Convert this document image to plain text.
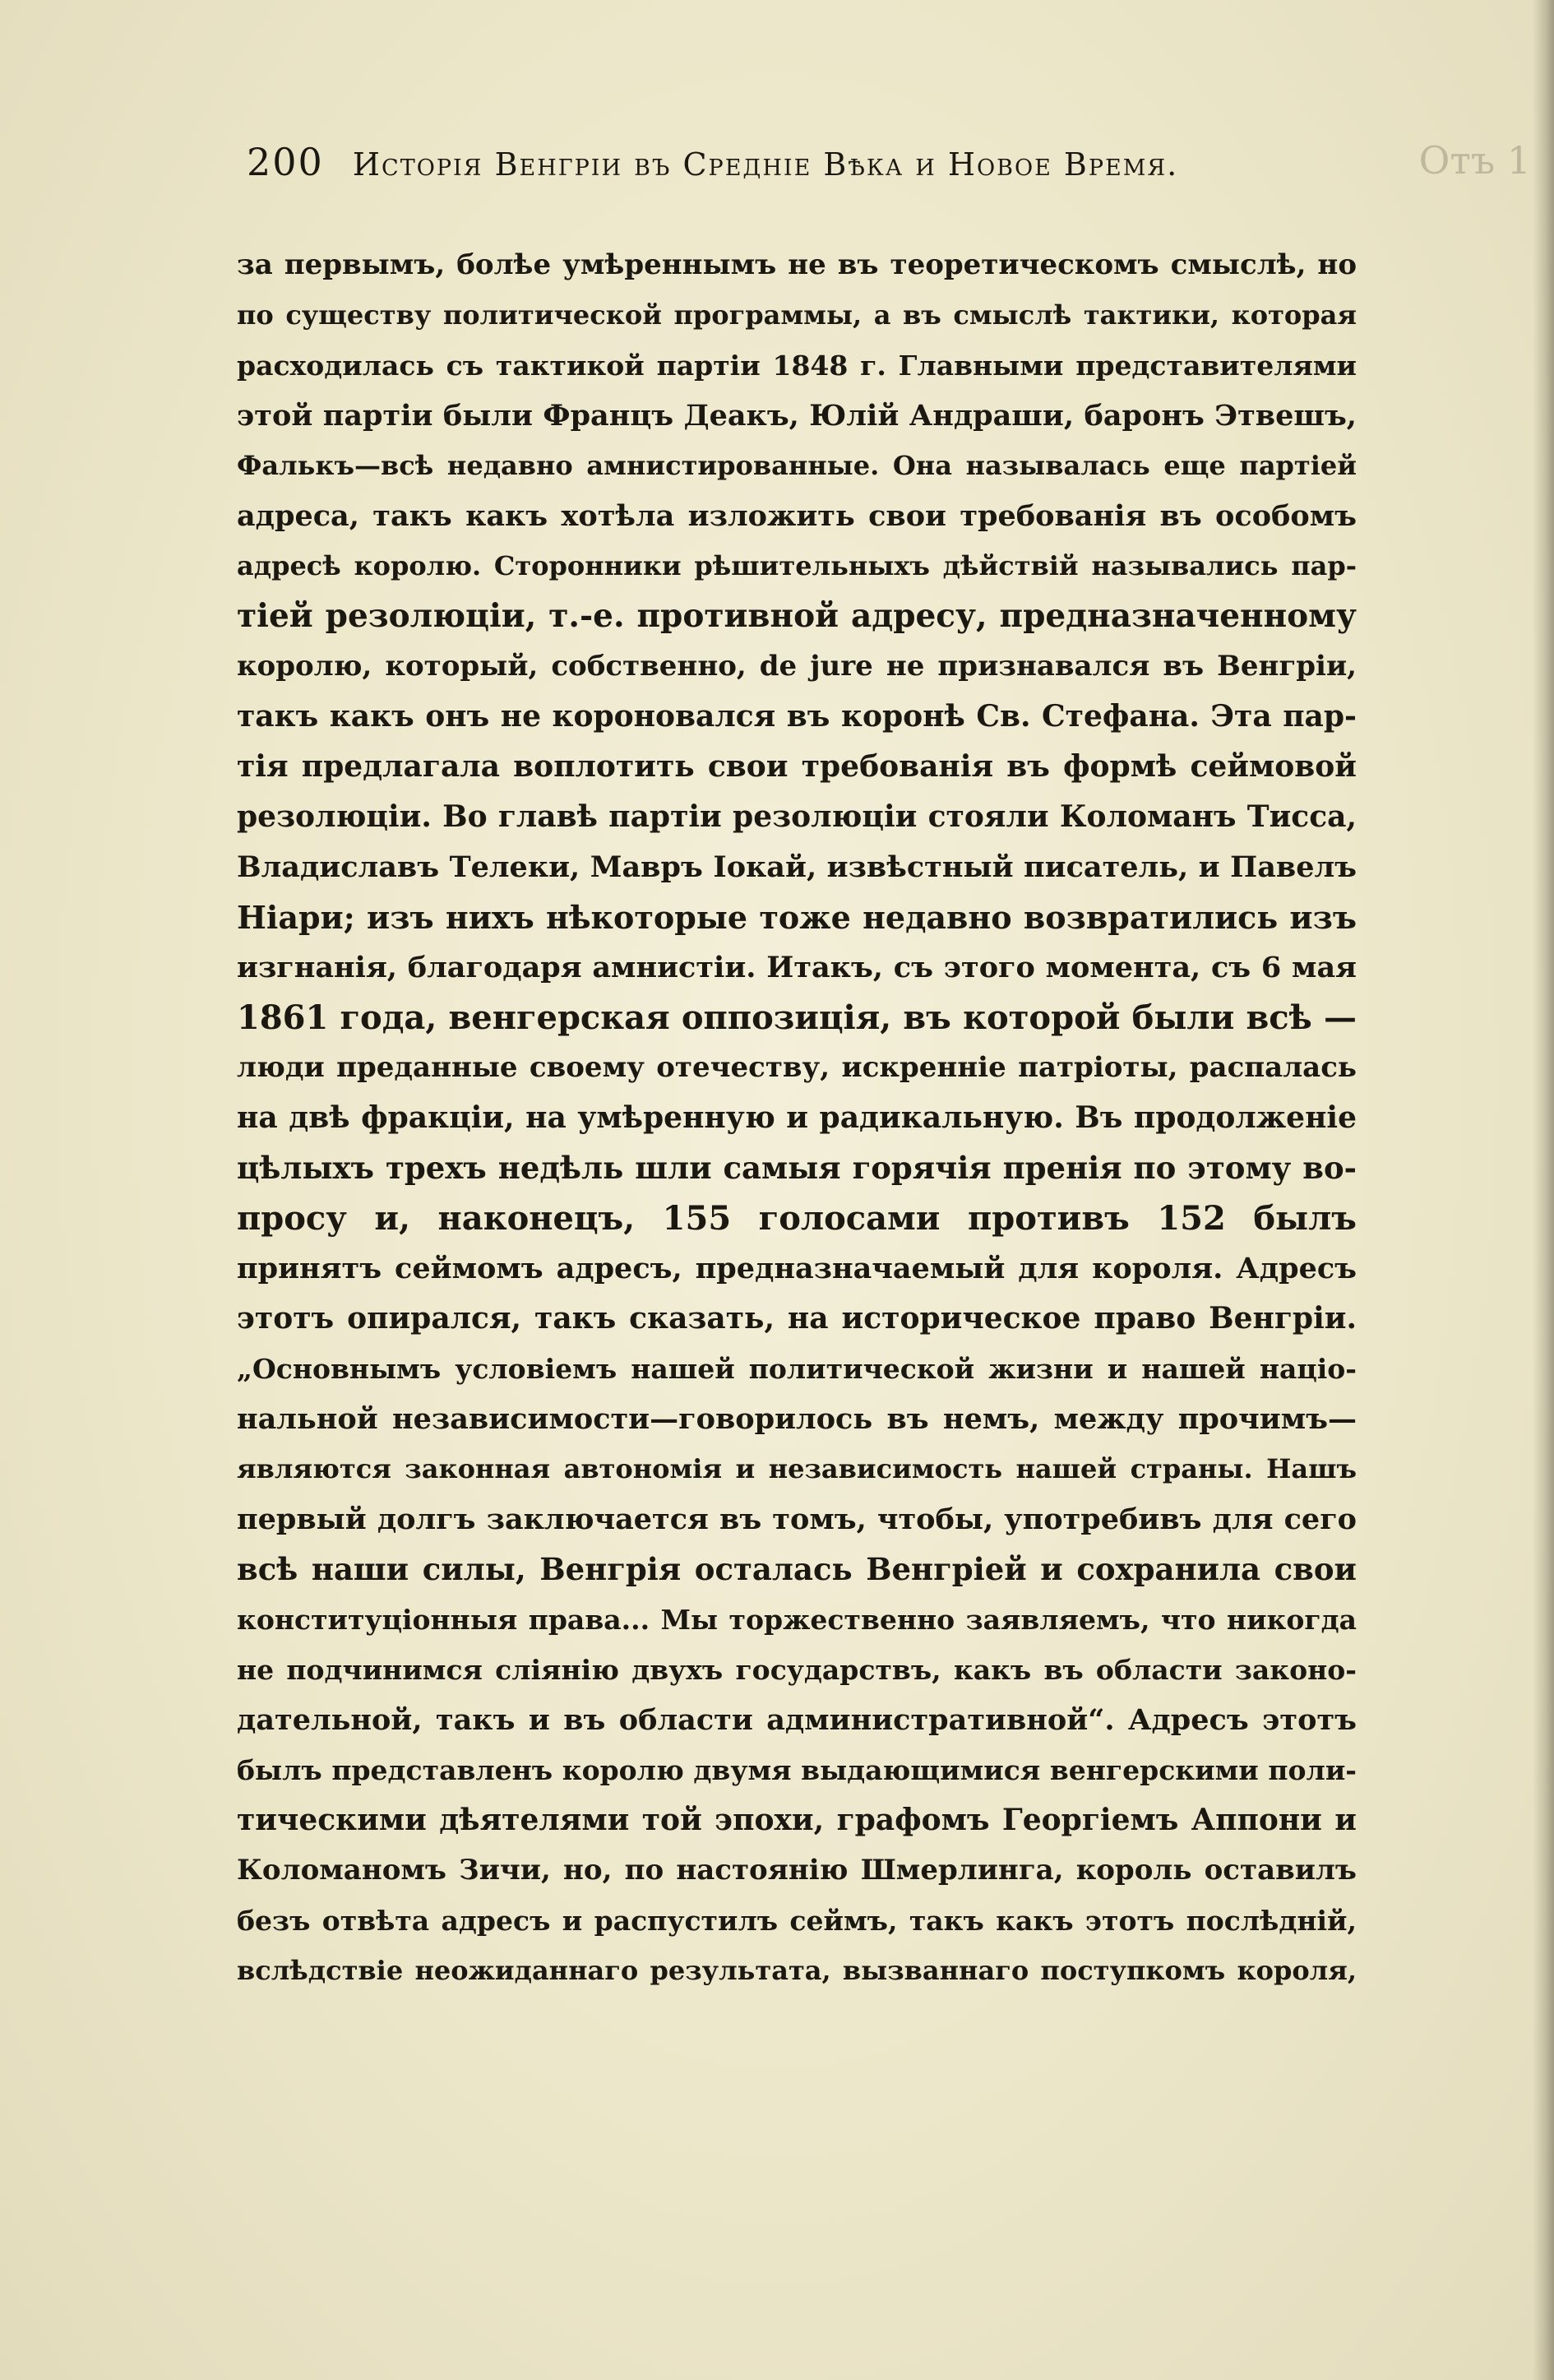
Отъ 1
200 Исторія Венгріи въ Средніе Вѣка и Новое Время.
за первымъ, болѣе умѣреннымъ не въ теоретическомъ смыслѣ, но
по существу политической программы, а въ смыслѣ тактики, которая
расходилась съ тактикой партіи 1848 г. Главными представителями
этой партіи были Францъ Деакъ, Юлій Андраши, баронъ Этвешъ,
Фалькъ—всѣ недавно амнистированные. Она называлась еще партіей
адреса, такъ какъ хотѣла изложить свои требованія въ особомъ
адресѣ королю. Сторонники рѣшительныхъ дѣйствій назывались пар-
тіей резолюціи, т.-е. противной адресу, предназначенному
королю, который, собственно, de jure не признавался въ Венгріи,
такъ какъ онъ не короновался въ коронѣ Св. Стефана. Эта пар-
тія предлагала воплотить свои требованія въ формѣ сеймовой
резолюціи. Во главѣ партіи резолюціи стояли Коломанъ Тисса,
Владиславъ Телеки, Мавръ Іокай, извѣстный писатель, и Павелъ
Ніари; изъ нихъ нѣкоторые тоже недавно возвратились изъ
изгнанія, благодаря амнистіи. Итакъ, съ этого момента, съ 6 мая
1861 года, венгерская оппозиція, въ которой были всѣ —
люди преданные своему отечеству, искренніе патріоты, распалась
на двѣ фракціи, на умѣренную и радикальную. Въ продолженіе
цѣлыхъ трехъ недѣль шли самыя горячія пренія по этому во-
просу и, наконецъ, 155 голосами противъ 152 былъ
принятъ сеймомъ адресъ, предназначаемый для короля. Адресъ
этотъ опирался, такъ сказать, на историческое право Венгріи.
„Основнымъ условіемъ нашей политической жизни и нашей націо-
нальной независимости—говорилось въ немъ, между прочимъ—
являются законная автономія и независимость нашей страны. Нашъ
первый долгъ заключается въ томъ, чтобы, употребивъ для сего
всѣ наши силы, Венгрія осталась Венгріей и сохранила свои
конституціонныя права... Мы торжественно заявляемъ, что никогда
не подчинимся сліянію двухъ государствъ, какъ въ области законо-
дательной, такъ и въ области административной“. Адресъ этотъ
былъ представленъ королю двумя выдающимися венгерскими поли-
тическими дѣятелями той эпохи, графомъ Георгіемъ Аппони и
Коломаномъ Зичи, но, по настоянію Шмерлинга, король оставилъ
безъ отвѣта адресъ и распустилъ сеймъ, такъ какъ этотъ послѣдній,
вслѣдствіе неожиданнаго результата, вызваннаго поступкомъ короля,
